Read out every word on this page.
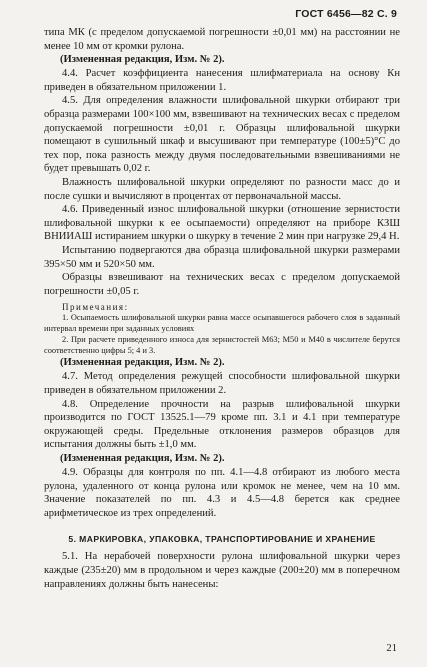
ГОСТ 6456—82 С. 9

типа МК (с пределом допускаемой погрешности ±0,01 мм) на расстоянии не менее 10 мм от кромки рулона.

(Измененная редакция, Изм. № 2).

4.4. Расчет коэффициента нанесения шлифматериала на основу Кн приведен в обязательном приложении 1.

4.5. Для определения влажности шлифовальной шкурки отбирают три образца размерами 100×100 мм, взвешивают на технических весах с пределом допускаемой погрешности ±0,01 г. Образцы шлифовальной шкурки помещают в сушильный шкаф и высушивают при температуре (100±5)°С до тех пор, пока разность между двумя последовательными взвешиваниями не будет превышать 0,02 г.

Влажность шлифовальной шкурки определяют по разности масс до и после сушки и вычисляют в процентах от первоначальной массы.

4.6. Приведенный износ шлифовальной шкурки (отношение зернистости шлифовальной шкурки к ее осыпаемости) определяют на приборе КЗШ ВНИИАШ истиранием шкурки о шкурку в течение 2 мин при нагрузке 29,4 Н.

Испытанию подвергаются два образца шлифовальной шкурки размерами 395×50 мм и 520×50 мм.

Образцы взвешивают на технических весах с пределом допускаемой погрешности ±0,05 г.

Примечания:

1. Осыпаемость шлифовальной шкурки равна массе осыпавшегося рабочего слоя в заданный интервал времени при заданных условиях

2. При расчете приведенного износа для зернистостей М63; М50 и М40 в числителе берутся соответственно цифры 5; 4 и 3.

(Измененная редакция, Изм. № 2).

4.7. Метод определения режущей способности шлифовальной шкурки приведен в обязательном приложении 2.

4.8. Определение прочности на разрыв шлифовальной шкурки производится по ГОСТ 13525.1—79 кроме пп. 3.1 и 4.1 при температуре окружающей среды. Предельные отклонения размеров образцов для испытания должны быть ±1,0 мм.

(Измененная редакция, Изм. № 2).

4.9. Образцы для контроля по пп. 4.1—4.8 отбирают из любого места рулона, удаленного от конца рулона или кромок не менее, чем на 10 мм. Значение показателей по пп. 4.3 и 4.5—4.8 берется как среднее арифметическое из трех определений.

5. МАРКИРОВКА, УПАКОВКА, ТРАНСПОРТИРОВАНИЕ И ХРАНЕНИЕ

5.1. На нерабочей поверхности рулона шлифовальной шкурки через каждые (235±20) мм в продольном и через каждые (200±20) мм в поперечном направлениях должны быть нанесены:

21
